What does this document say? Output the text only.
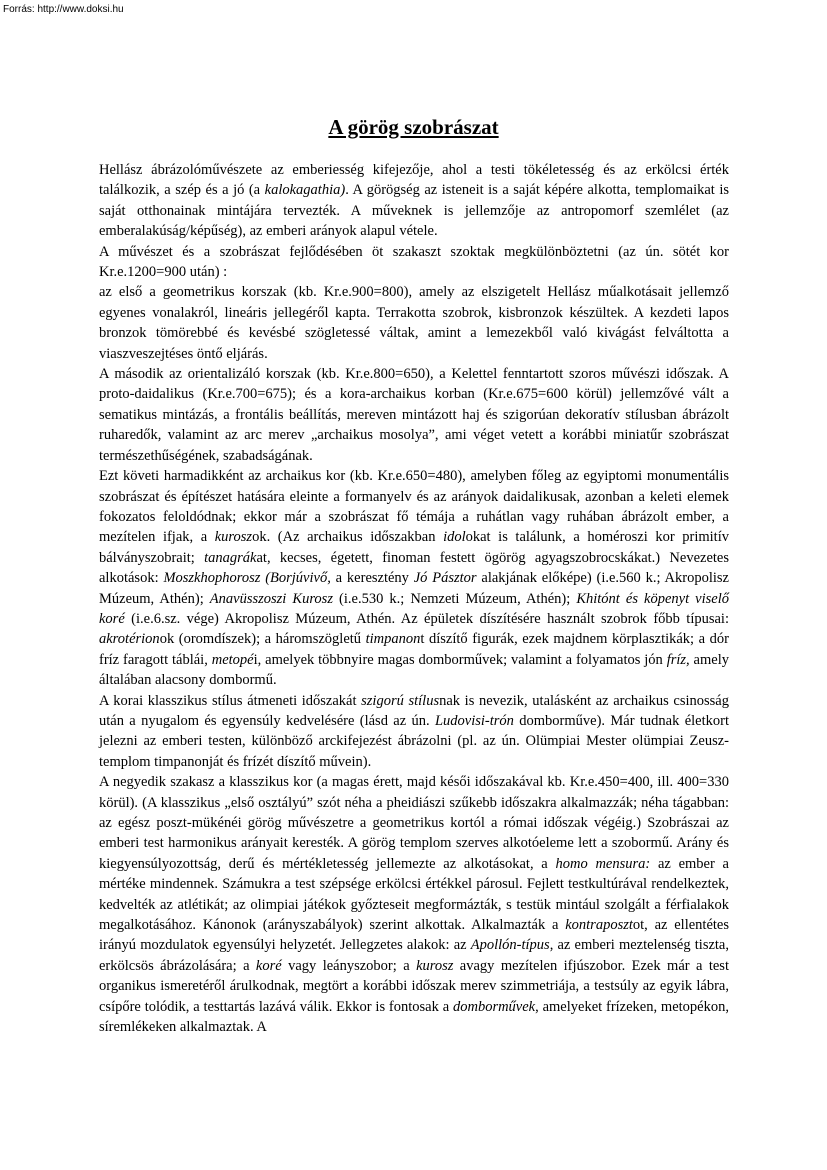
Forrás: http://www.doksi.hu
A görög szobrászat

Hellász ábrázolóművészete az emberiesség kifejezője, ahol a testi tökéletesség és az erkölcsi érték találkozik, a szép és a jó (a kalokagathia). A görögség az isteneit is a saját képére alkotta, templomaikat is saját otthonainak mintájára tervezték. A műveknek is jellemzője az antropomorf szemlélet (az emberalakúság/képűség), az emberi arányok alapul vétele.

A művészet és a szobrászat fejlődésében öt szakaszt szoktak megkülönböztetni (az ún. sötét kor Kr.e.1200=900 után) :

az első a geometrikus korszak (kb. Kr.e.900=800), amely az elszigetelt Hellász műalkotásait jellemző egyenes vonalakról, lineáris jellegéről kapta. Terrakotta szobrok, kisbronzok készültek. A kezdeti lapos bronzok tömörebbé és kevésbé szögletessé váltak, amint a lemezekből való kivágást felváltotta a viaszveszejtéses öntő eljárás.

A második az orientalizáló korszak (kb. Kr.e.800=650), a Kelettel fenntartott szoros művészi időszak. A proto-daidalikus (Kr.e.700=675); és a kora-archaikus korban (Kr.e.675=600 körül) jellemzővé vált a sematikus mintázás, a frontális beállítás, mereven mintázott haj és szigorúan dekoratív stílusban ábrázolt ruharedők, valamint az arc merev „archaikus mosolya”, ami véget vetett a korábbi miniatűr szobrászat természethűségének, szabadságának.

Ezt követi harmadikként az archaikus kor (kb. Kr.e.650=480), amelyben főleg az egyiptomi monumentális szobrászat és építészet hatására eleinte a formanyelv és az arányok daidalikusak, azonban a keleti elemek fokozatos feloldódnak; ekkor már a szobrászat fő témája a ruhátlan vagy ruhában ábrázolt ember, a mezítelen ifjak, a kuroszok. (Az archaikus időszakban idolokat is találunk, a homéroszi kor primitív bálványszobrait; tanagrákat, kecses, égetett, finoman festett ögörög agyagszobrocskákat.) Nevezetes alkotások: Moszkhophorosz (Borjúvivő, a keresztény Jó Pásztor alakjának előképe) (i.e.560 k.; Akropolisz Múzeum, Athén); Anavüsszoszi Kurosz (i.e.530 k.; Nemzeti Múzeum, Athén); Khitónt és köpenyt viselő koré (i.e.6.sz. vége) Akropolisz Múzeum, Athén. Az épületek díszítésére használt szobrok főbb típusai: akrotérionok (oromdíszek); a háromszögletű timpanont díszítő figurák, ezek majdnem körplasztikák; a dór fríz faragott táblái, metopéi, amelyek többnyire magas domborművek; valamint a folyamatos jón fríz, amely általában alacsony dombormű.

A korai klasszikus stílus átmeneti időszakát szigorú stílusnak is nevezik, utalásként az archaikus csinosság után a nyugalom és egyensúly kedvelésére (lásd az ún. Ludovisi-trón domborműve). Már tudnak életkort jelezni az emberi testen, különböző arckifejezést ábrázolni (pl. az ún. Olümpiai Mester olümpiai Zeusz-templom timpanonját és frízét díszítő művein).

A negyedik szakasz a klasszikus kor (a magas érett, majd késői időszakával kb. Kr.e.450=400, ill. 400=330 körül). (A klasszikus „első osztályú” szót néha a pheidiászi szűkebb időszakra alkalmazzák; néha tágabban: az egész poszt-mükénéi görög művészetre a geometrikus kortól a római időszak végéig.) Szobrászai az emberi test harmonikus arányait keresték. A görög templom szerves alkotóeleme lett a szobormű. Arány és kiegyensúlyozottság, derű és mértékletesség jellemezte az alkotásokat, a homo mensura: az ember a mértéke mindennek. Számukra a test szépsége erkölcsi értékkel párosul. Fejlett testkultúrával rendelkeztek, kedvelték az atlétikát; az olimpiai játékok győzteseit megformázták, s testük mintául szolgált a férfialakok megalkotásához. Kánonok (arányszabályok) szerint alkottak. Alkalmazták a kontraposztot, az ellentétes irányú mozdulatok egyensúlyi helyzetét. Jellegzetes alakok: az Apollón-típus, az emberi meztelenség tiszta, erkölcsös ábrázolására; a koré vagy leányszobor; a kurosz avagy mezítelen ifjúszobor. Ezek már a test organikus ismeretéről árulkodnak, megtört a korábbi időszak merev szimmetriája, a testsúly az egyik lábra, csípőre tolódik, a testtartás lazává válik. Ekkor is fontosak a domborművek, amelyeket frízeken, metopékon, síremlékeken alkalmaztak. A
